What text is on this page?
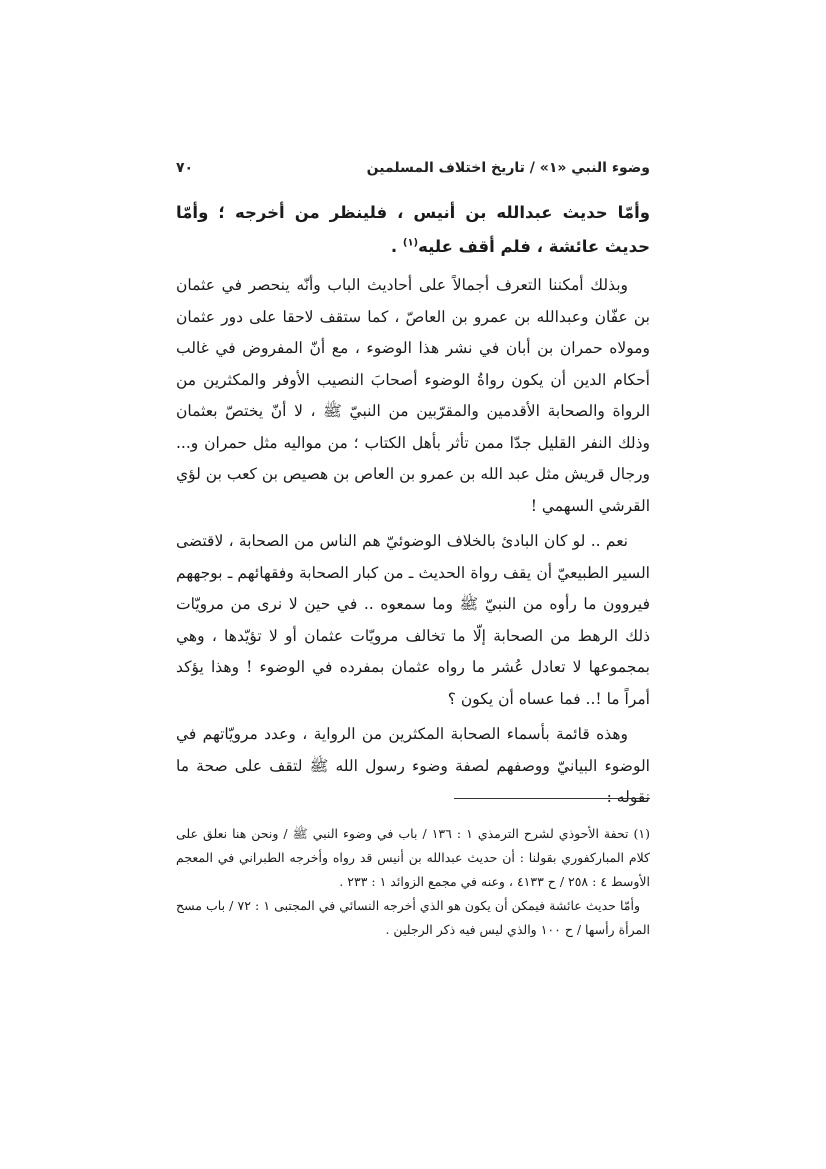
وضوء النبي «١» / تاريخ اختلاف المسلمين
٧٠

وأمّا حديث عبدالله بن أنيس ، فلينظر من أخرجه ؛ وأمّا حديث عائشة ، فلم أقف عليه$^{(١)}$ .

وبذلك أمكننا التعرف أجمالاً على أحاديث الباب وأنّه ينحصر في عثمان بن عفّان وعبدالله بن عمرو بن العاصّ ، كما ستقف لاحقا على دور عثمان ومولاه حمران بن أبان في نشر هذا الوضوء ، مع أنّ المفروض في غالب أحكام الدين أن يكون رواةُ الوضوء أصحابَ النصيب الأوفر والمكثرين من الرواة والصحابة الأقدمين والمقرّبين من النبيّ ﷺ ، لا أنّ يختصّ بعثمان وذلك النفر القليل جدّا ممن تأثر بأهل الكتاب ؛ من مواليه مثل حمران و... ورجال قريش مثل عبد الله بن عمرو بن العاص بن هصيص بن كعب بن لؤي القرشي السهمي !

نعم .. لو كان البادئ بالخلاف الوضوئيّ هم الناس من الصحابة ، لاقتضى السير الطبيعيّ أن يقف رواة الحديث ـ من كبار الصحابة وفقهائهم ـ بوجههم فيروون ما رأوه من النبيّ ﷺ وما سمعوه .. في حين لا نرى من مرويّات ذلك الرهط من الصحابة إلّا ما تخالف مرويّات عثمان أو لا تؤيّدها ، وهي بمجموعها لا تعادل عُشر ما رواه عثمان بمفرده في الوضوء ! وهذا يؤكد أمراً ما !.. فما عساه أن يكون ؟

وهذه قائمة بأسماء الصحابة المكثرين من الرواية ، وعدد مرويّاتهم في الوضوء البيانيّ ووصفهم لصفة وضوء رسول الله ﷺ لتقف على صحة ما نقوله :

(١) تحفة الأحوذي لشرح الترمذي ١ : ١٣٦ / باب في وضوء النبي ﷺ / ونحن هنا نعلق على كلام المباركفوري بقولنا : أن حديث عبدالله بن أنيس قد رواه وأخرجه الطبراني في المعجم الأوسط ٤ : ٢٥٨ / ح ٤١٣٣ ، وعنه في مجمع الزوائد ١ : ٢٣٣ .

وأمّا حديث عائشة فيمكن أن يكون هو الذي أخرجه النسائي في المجتبى ١ : ٧٢ / باب مسح المرأة رأسها / ح ١٠٠ والذي ليس فيه ذكر الرجلين .
